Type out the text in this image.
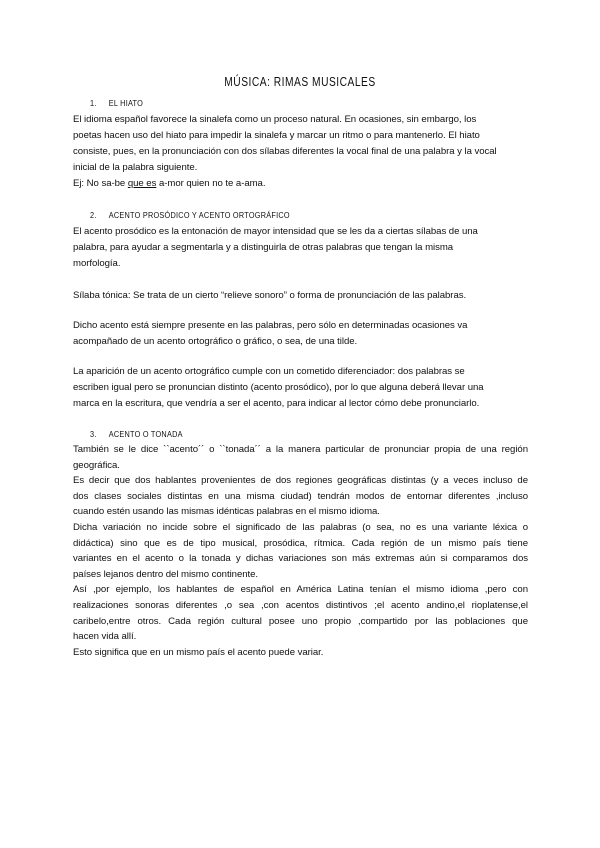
MÚSICA: RIMAS MUSICALES
1. EL HIATO
El idioma español favorece la sinalefa como un proceso natural. En ocasiones, sin embargo, los
poetas hacen uso del hiato para impedir la sinalefa y marcar un ritmo o para mantenerlo. El hiato
consiste, pues, en la pronunciación con dos sílabas diferentes la vocal final de una palabra y la vocal
inicial de la palabra siguiente.
Ej: No sa-be que es a-mor quien no te a-ama.
2. ACENTO PROSÓDICO Y ACENTO ORTOGRÁFICO
El acento prosódico es la entonación de mayor intensidad que se les da a ciertas sílabas de una
palabra, para ayudar a segmentarla y a distinguirla de otras palabras que tengan la misma
morfología.
Sílaba tónica: Se trata de un cierto “relieve sonoro” o forma de pronunciación de las palabras.
Dicho acento está siempre presente en las palabras, pero sólo en determinadas ocasiones va
acompañado de un acento ortográfico o gráfico, o sea, de una tilde.
La aparición de un acento ortográfico cumple con un cometido diferenciador: dos palabras se
escriben igual pero se pronuncian distinto (acento prosódico), por lo que alguna deberá llevar una
marca en la escritura, que vendría a ser el acento, para indicar al lector cómo debe pronunciarlo.
3. ACENTO O TONADA
También se le dice ``acento´´ o ``tonada´´ a la manera particular de pronunciar propia de una región
geográfica.
Es decir que dos hablantes provenientes de dos regiones geográficas distintas (y a veces incluso de
dos clases sociales distintas en una misma ciudad) tendrán modos de entornar diferentes ,incluso
cuando estén usando las mismas idénticas palabras en el mismo idioma.
Dicha variación no incide sobre el significado de las palabras (o sea, no es una variante léxica o
didáctica) sino que es de tipo musical, prosódica, rítmica. Cada región de un mismo país tiene
variantes en el acento o la tonada y dichas variaciones son más extremas aún si comparamos dos
países lejanos dentro del mismo continente.
Así ,por ejemplo, los hablantes de español en América Latina tenían el mismo idioma ,pero con
realizaciones sonoras diferentes ,o sea ,con acentos distintivos ;el acento andino,el rioplatense,el
caribelo,entre otros. Cada región cultural posee uno propio ,compartido por las poblaciones que
hacen vida allí.
Esto significa que en un mismo país el acento puede variar.
